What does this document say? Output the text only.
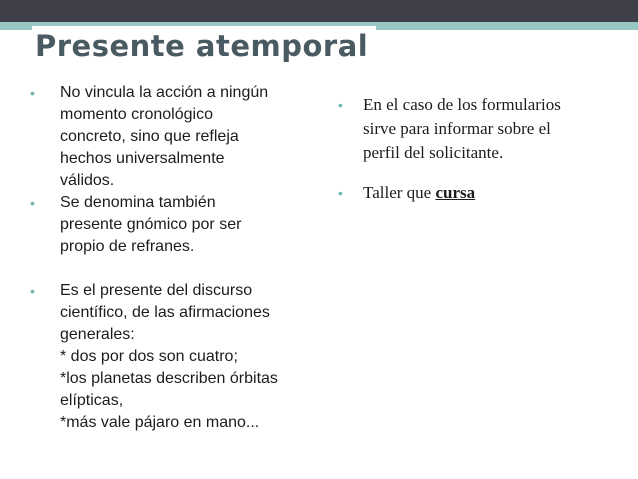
Presente atemporal
• No vincula la acción a ningún
momento cronológico
concreto, sino que refleja
hechos universalmente
válidos.
• Se denomina también
presente gnómico por ser
propio de refranes.
• Es el presente del discurso
científico, de las afirmaciones
generales:
* dos por dos son cuatro;
*los planetas describen órbitas
elípticas,
*más vale pájaro en mano...
• En el caso de los formularios
sirve para informar sobre el
perfil del solicitante.
• Taller que cursa
